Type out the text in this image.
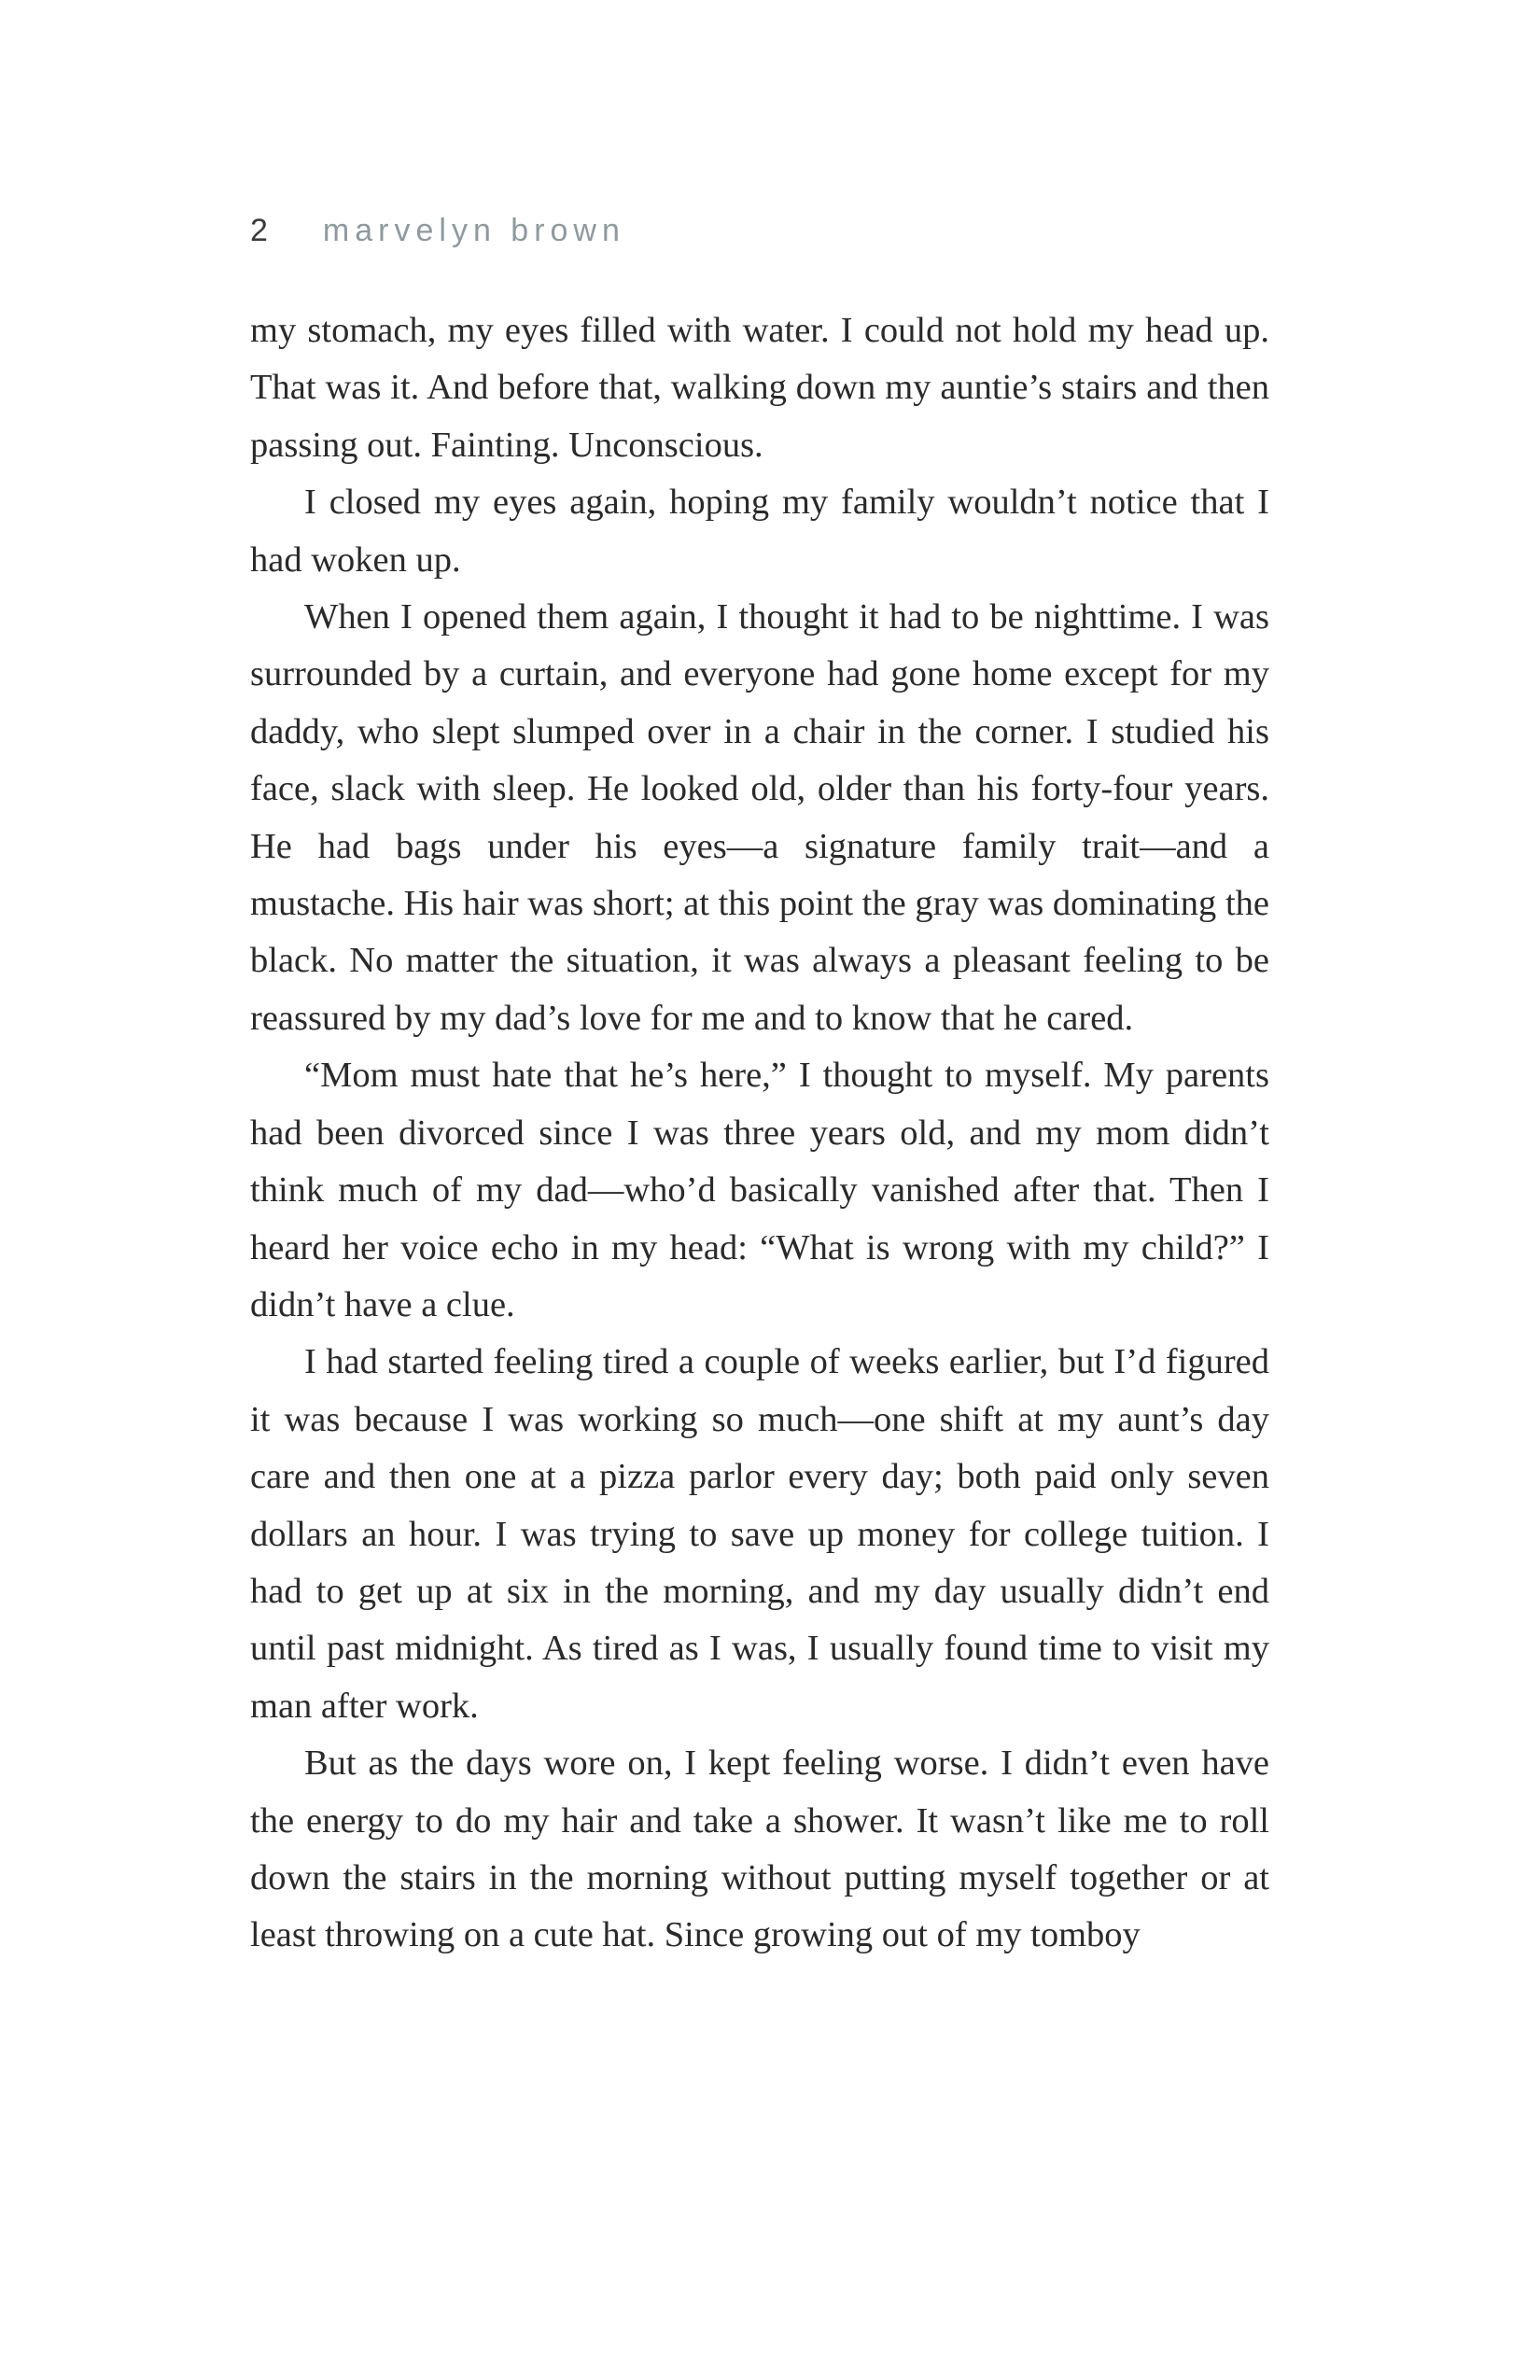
2 marvelyn brown

my stomach, my eyes filled with water. I could not hold my head up. That was it. And before that, walking down my auntie’s stairs and then passing out. Fainting. Unconscious.

I closed my eyes again, hoping my family wouldn’t notice that I had woken up.

When I opened them again, I thought it had to be nighttime. I was surrounded by a curtain, and everyone had gone home except for my daddy, who slept slumped over in a chair in the corner. I studied his face, slack with sleep. He looked old, older than his forty-four years. He had bags under his eyes—a signature family trait—and a mustache. His hair was short; at this point the gray was dominating the black. No matter the situation, it was always a pleasant feeling to be reassured by my dad’s love for me and to know that he cared.

“Mom must hate that he’s here,” I thought to myself. My parents had been divorced since I was three years old, and my mom didn’t think much of my dad—who’d basically vanished after that. Then I heard her voice echo in my head: “What is wrong with my child?” I didn’t have a clue.

I had started feeling tired a couple of weeks earlier, but I’d figured it was because I was working so much—one shift at my aunt’s day care and then one at a pizza parlor every day; both paid only seven dollars an hour. I was trying to save up money for college tuition. I had to get up at six in the morning, and my day usually didn’t end until past midnight. As tired as I was, I usually found time to visit my man after work.

But as the days wore on, I kept feeling worse. I didn’t even have the energy to do my hair and take a shower. It wasn’t like me to roll down the stairs in the morning without putting myself together or at least throwing on a cute hat. Since growing out of my tomboy
